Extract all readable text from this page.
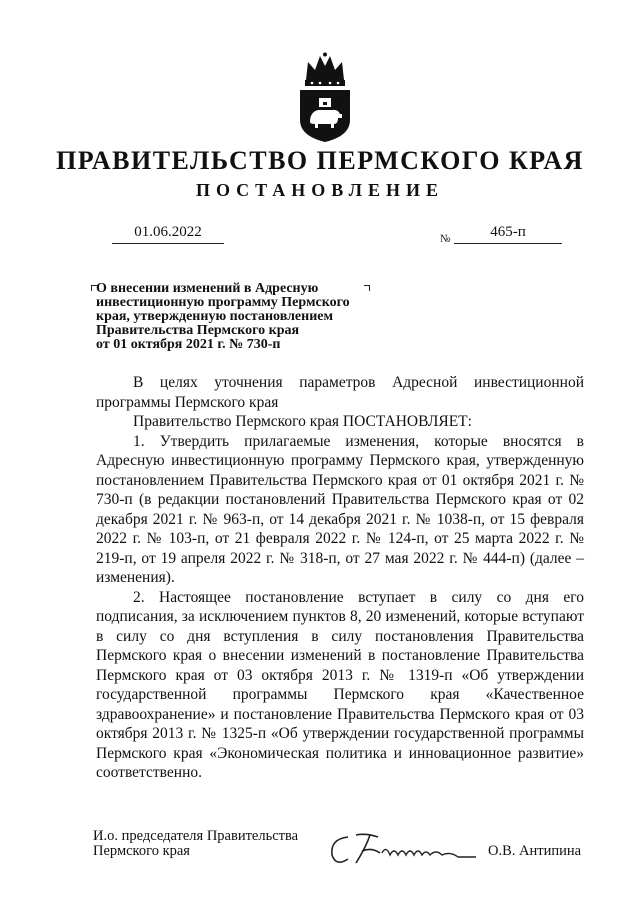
ПРАВИТЕЛЬСТВО ПЕРМСКОГО КРАЯ
ПОСТАНОВЛЕНИЕ
01.06.2022	№	465-п
О внесении изменений в Адресную
инвестиционную программу Пермского
края, утвержденную постановлением
Правительства Пермского края
от 01 октября 2021 г. № 730-п

В целях уточнения параметров Адресной инвестиционной программы Пермского края

Правительство Пермского края ПОСТАНОВЛЯЕТ:

1. Утвердить прилагаемые изменения, которые вносятся в Адресную инвестиционную программу Пермского края, утвержденную постановлением Правительства Пермского края от 01 октября 2021 г. № 730-п (в редакции постановлений Правительства Пермского края от 02 декабря 2021 г. № 963-п, от 14 декабря 2021 г. № 1038-п, от 15 февраля 2022 г. № 103-п, от 21 февраля 2022 г. № 124-п, от 25 марта 2022 г. № 219-п, от 19 апреля 2022 г. № 318-п, от 27 мая 2022 г. № 444-п) (далее – изменения).

2. Настоящее постановление вступает в силу со дня его подписания, за исключением пунктов 8, 20 изменений, которые вступают в силу со дня вступления в силу постановления Правительства Пермского края о внесении изменений в постановление Правительства Пермского края от 03 октября 2013 г. № 1319-п «Об утверждении государственной программы Пермского края «Качественное здравоохранение» и постановление Правительства Пермского края от 03 октября 2013 г. № 1325-п «Об утверждении государственной программы Пермского края «Экономическая политика и инновационное развитие» соответственно.

И.о. председателя Правительства
Пермского края	О.В. Антипина
